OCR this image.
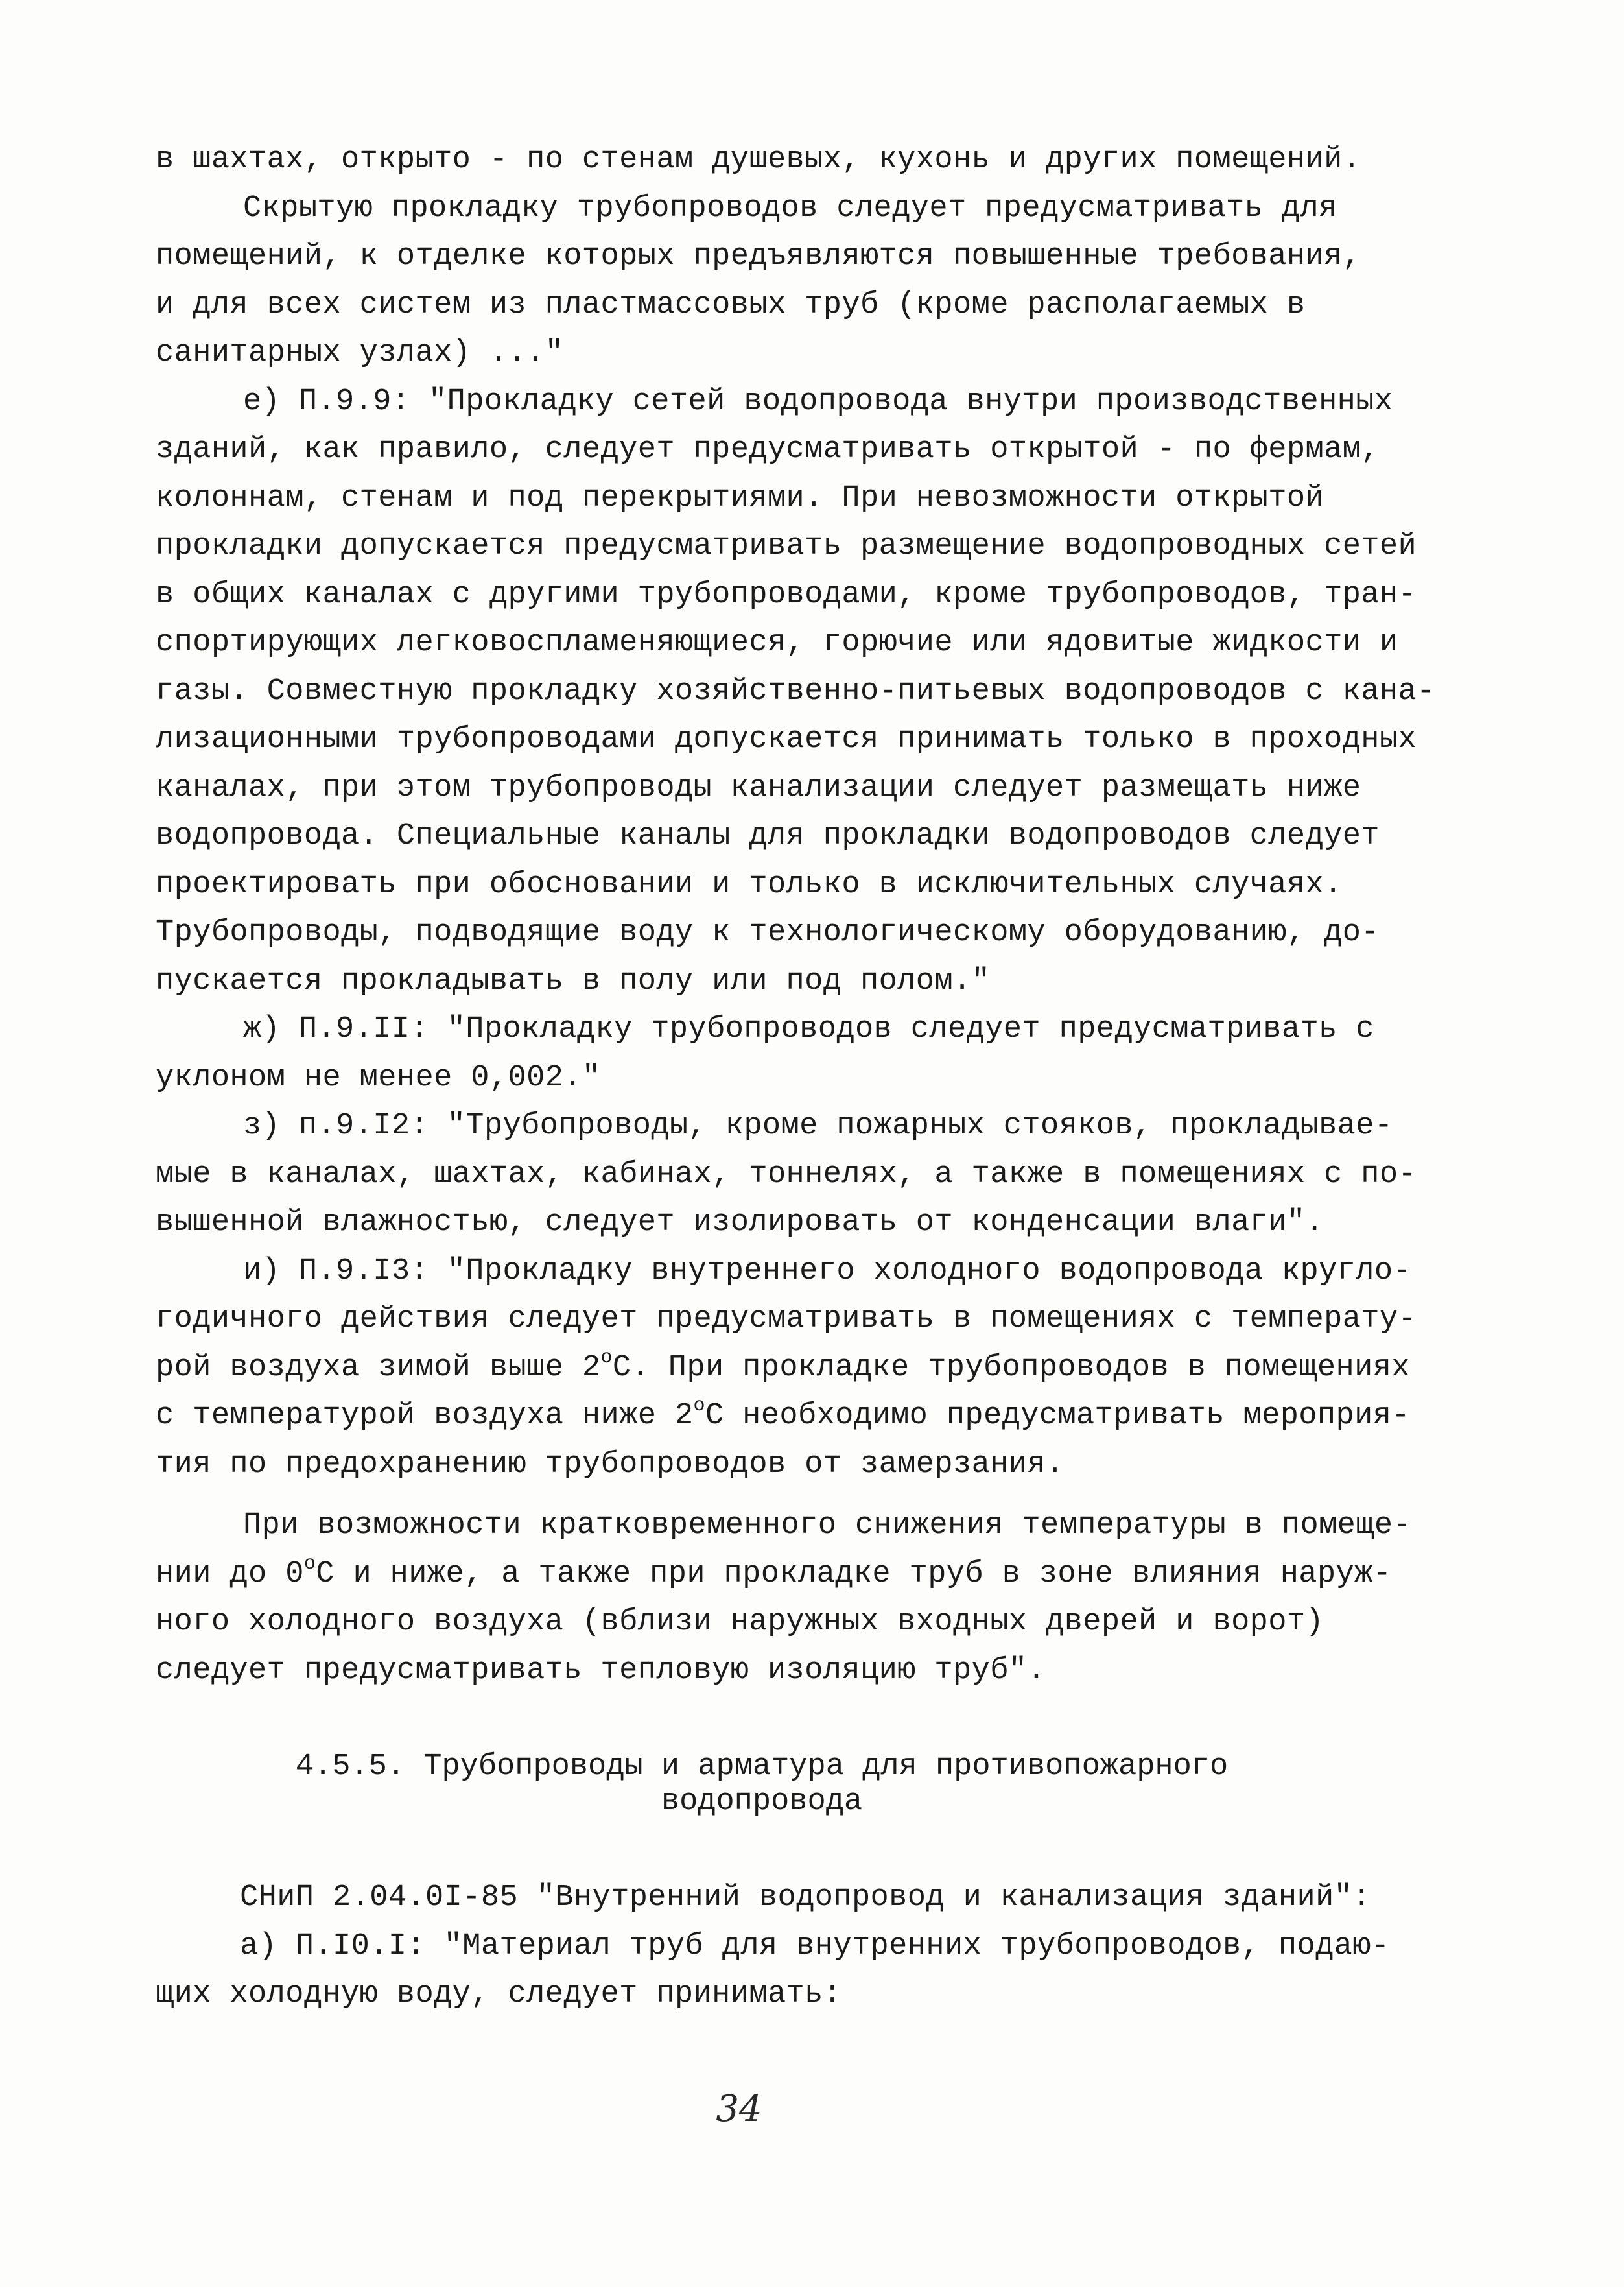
в шахтах, открыто - по стенам душевых, кухонь и других помещений.
Скрытую прокладку трубопроводов следует предусматривать для
помещений, к отделке которых предъявляются повышенные требования,
и для всех систем из пластмассовых труб (кроме располагаемых в
санитарных узлах) ..."
е) П.9.9: "Прокладку сетей водопровода внутри производственных
зданий, как правило, следует предусматривать открытой - по фермам,
колоннам, стенам и под перекрытиями. При невозможности открытой
прокладки допускается предусматривать размещение водопроводных сетей
в общих каналах с другими трубопроводами, кроме трубопроводов, тран-
спортирующих легковоспламеняющиеся, горючие или ядовитые жидкости и
газы. Совместную прокладку хозяйственно-питьевых водопроводов с кана-
лизационными трубопроводами допускается принимать только в проходных
каналах, при этом трубопроводы канализации следует размещать ниже
водопровода. Специальные каналы для прокладки водопроводов следует
проектировать при обосновании и только в исключительных случаях.
Трубопроводы, подводящие воду к технологическому оборудованию, до-
пускается прокладывать в полу или под полом."
ж) П.9.II: "Прокладку трубопроводов следует предусматривать с
уклоном не менее 0,002."
з) п.9.I2: "Трубопроводы, кроме пожарных стояков, прокладывае-
мые в каналах, шахтах, кабинах, тоннелях, а также в помещениях с по-
вышенной влажностью, следует изолировать от конденсации влаги".
и) П.9.I3: "Прокладку внутреннего холодного водопровода кругло-
годичного действия следует предусматривать в помещениях с температу-
рой воздуха зимой выше $2^оС$. При прокладке трубопроводов в помещениях
с температурой воздуха ниже $2^оС$ необходимо предусматривать мероприя-
тия по предохранению трубопроводов от замерзания.
При возможности кратковременного снижения температуры в помеще-
нии до $0^оС$ и ниже, а также при прокладке труб в зоне влияния наруж-
ного холодного воздуха (вблизи наружных входных дверей и ворот)
следует предусматривать тепловую изоляцию труб".
4.5.5. Трубопроводы и арматура для противопожарного
водопровода
СНиП 2.04.0I-85 "Внутренний водопровод и канализация зданий":
а) П.I0.I: "Материал труб для внутренних трубопроводов, подаю-
щих холодную воду, следует принимать:
34
